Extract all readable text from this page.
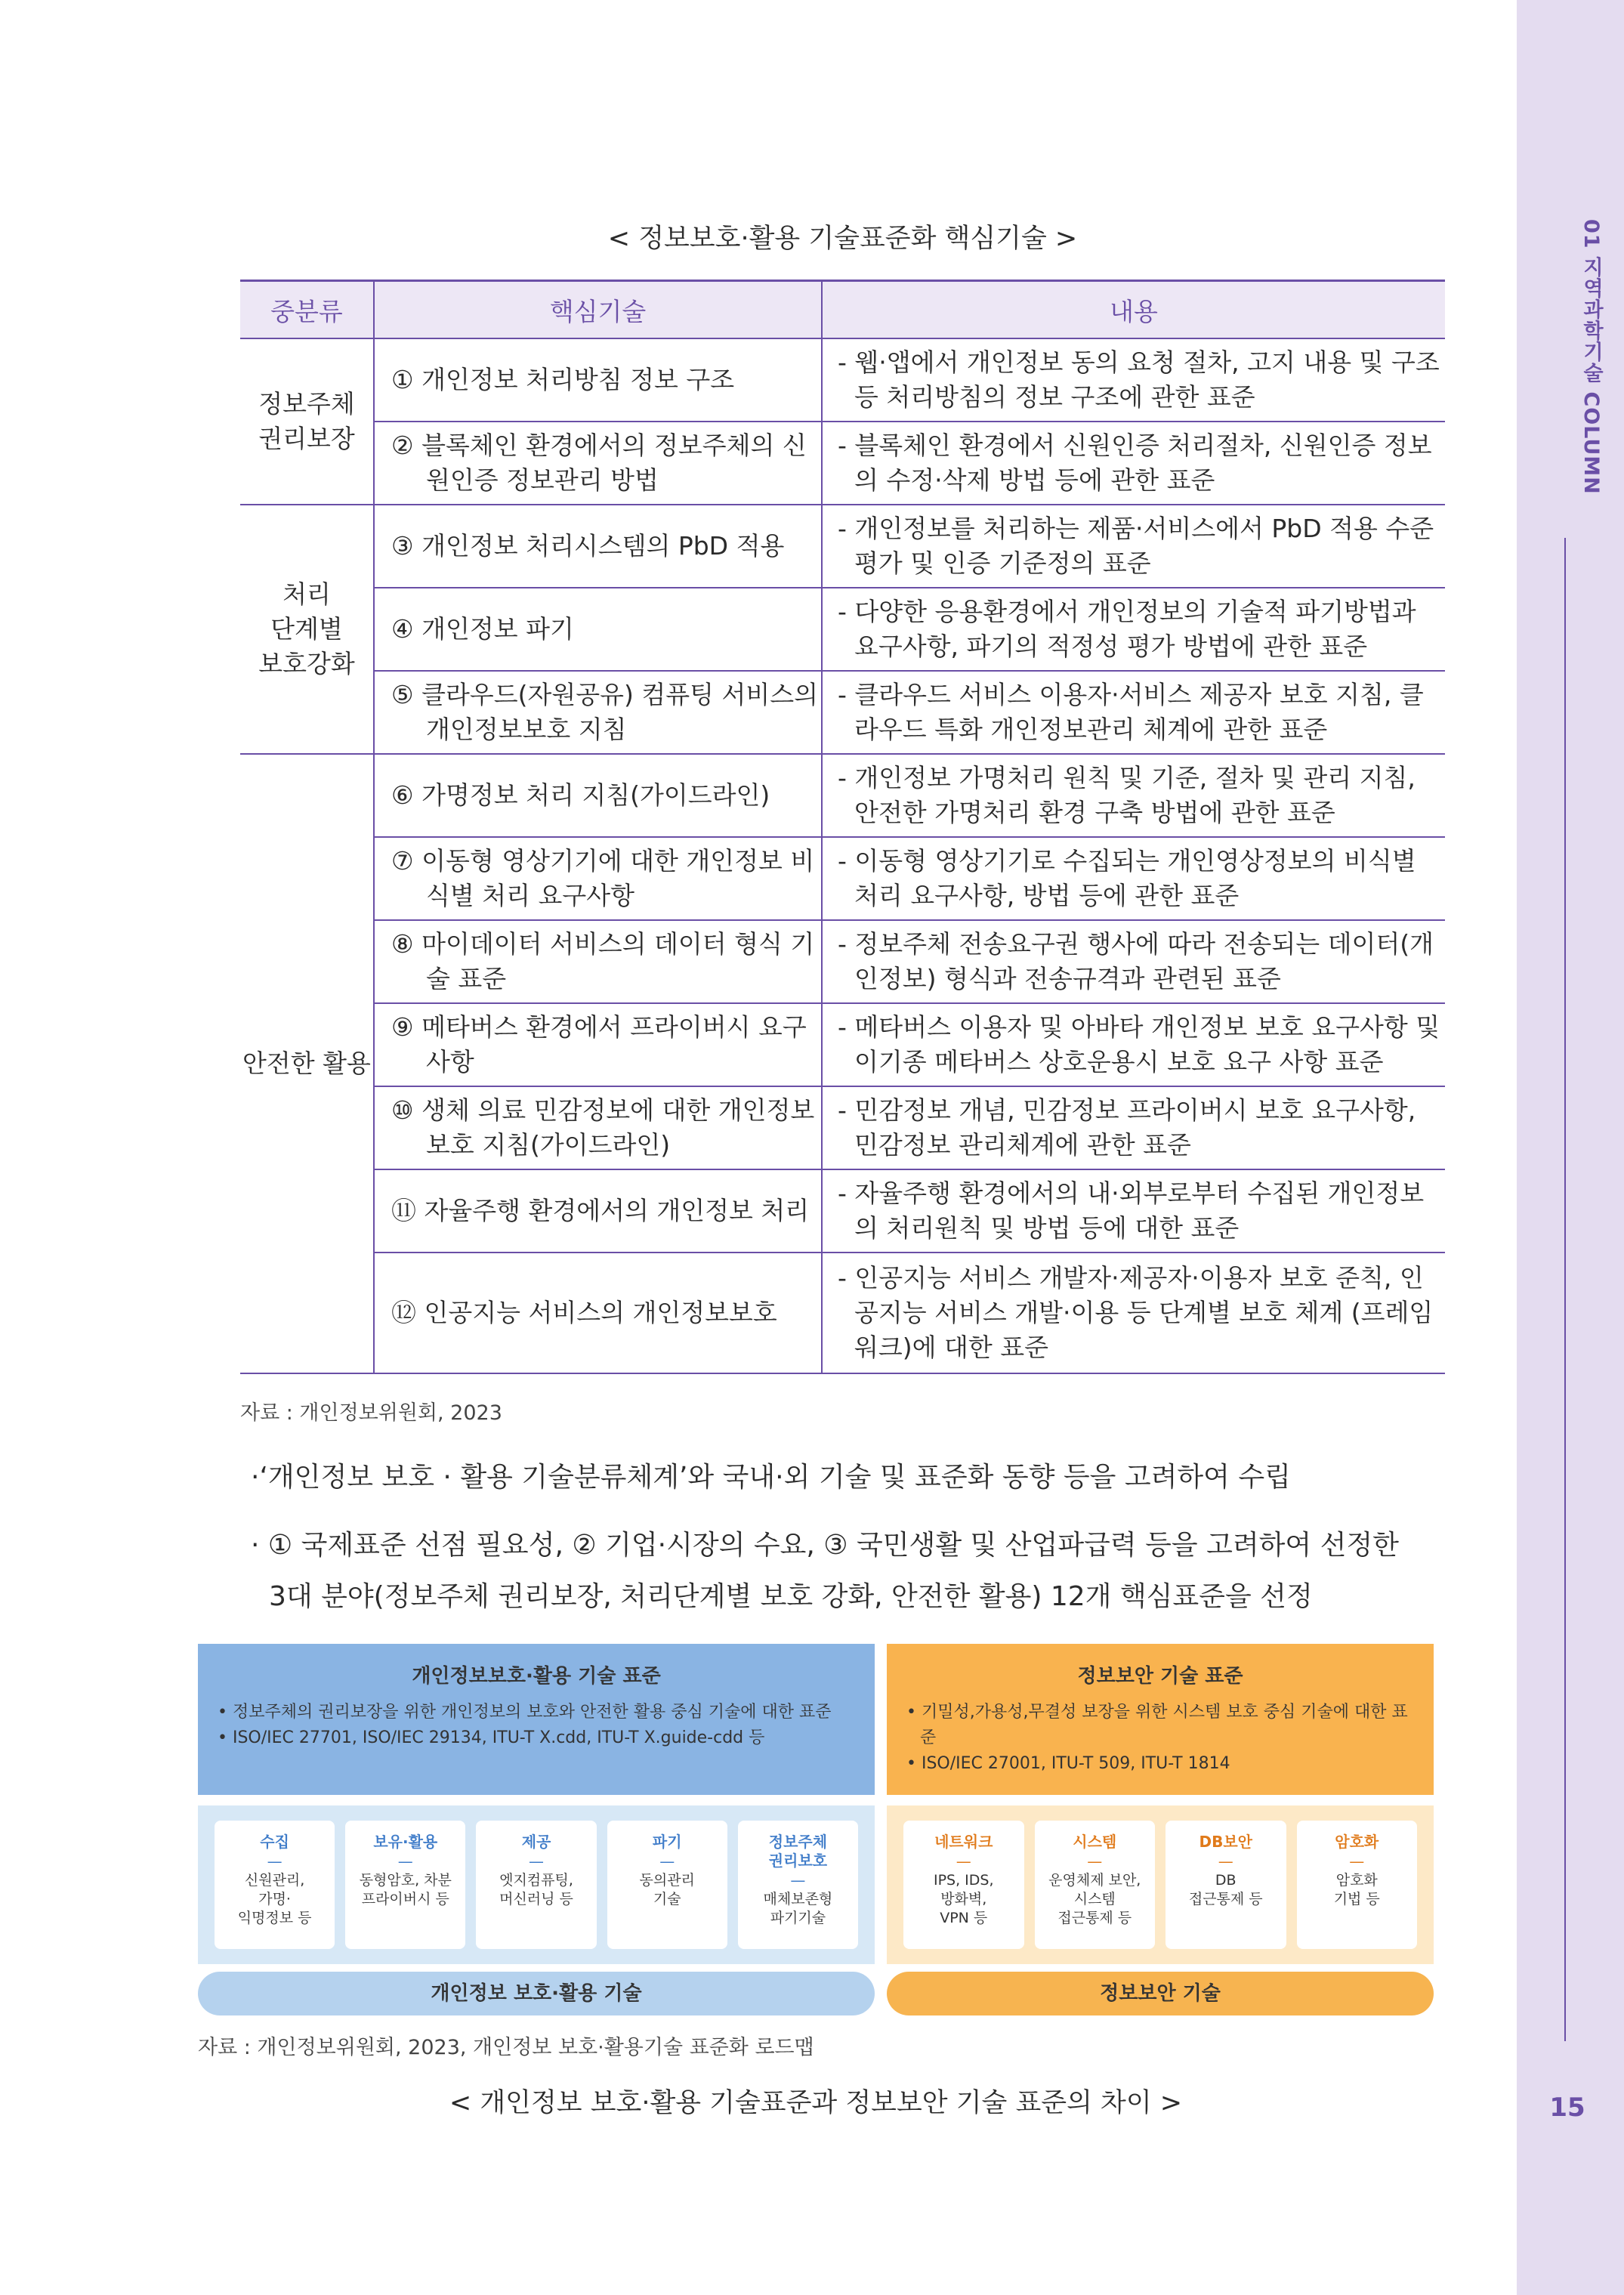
01 지역과학기술 COLUMN
15
< 정보보호·활용 기술표준화 핵심기술 >
중분류	핵심기술	내용
정보주체
권리보장	① 개인정보 처리방침 정보 구조	- 웹·앱에서 개인정보 동의 요청 절차, 고지 내용 및 구조 등 처리방침의 정보 구조에 관한 표준

	② 블록체인 환경에서의 정보주체의 신원인증 정보관리 방법	- 블록체인 환경에서 신원인증 처리절차, 신원인증 정보의 수정·삭제 방법 등에 관한 표준

처리
단계별
보호강화	③ 개인정보 처리시스템의 PbD 적용	- 개인정보를 처리하는 제품·서비스에서 PbD 적용 수준 평가 및 인증 기준정의 표준

	④ 개인정보 파기	- 다양한 응용환경에서 개인정보의 기술적 파기방법과 요구사항, 파기의 적정성 평가 방법에 관한 표준

	⑤ 클라우드(자원공유) 컴퓨팅 서비스의 개인정보보호 지침	- 클라우드 서비스 이용자·서비스 제공자 보호 지침, 클라우드 특화 개인정보관리 체계에 관한 표준

안전한 활용	⑥ 가명정보 처리 지침(가이드라인)	- 개인정보 가명처리 원칙 및 기준, 절차 및 관리 지침, 안전한 가명처리 환경 구축 방법에 관한 표준

	⑦ 이동형 영상기기에 대한 개인정보 비식별 처리 요구사항	- 이동형 영상기기로 수집되는 개인영상정보의 비식별 처리 요구사항, 방법 등에 관한 표준

	⑧ 마이데이터 서비스의 데이터 형식 기술 표준	- 정보주체 전송요구권 행사에 따라 전송되는 데이터(개인정보) 형식과 전송규격과 관련된 표준

	⑨ 메타버스 환경에서 프라이버시 요구사항	- 메타버스 이용자 및 아바타 개인정보 보호 요구사항 및 이기종 메타버스 상호운용시 보호 요구 사항 표준

	⑩ 생체 의료 민감정보에 대한 개인정보 보호 지침(가이드라인)	- 민감정보 개념, 민감정보 프라이버시 보호 요구사항, 민감정보 관리체계에 관한 표준

	⑪ 자율주행 환경에서의 개인정보 처리	- 자율주행 환경에서의 내·외부로부터 수집된 개인정보의 처리원칙 및 방법 등에 대한 표준

	⑫ 인공지능 서비스의 개인정보보호	- 인공지능 서비스 개발자·제공자·이용자 보호 준칙, 인공지능 서비스 개발·이용 등 단계별 보호 체계 (프레임워크)에 대한 표준
자료 : 개인정보위원회, 2023
·‘개인정보 보호 · 활용 기술분류체계’와 국내·외 기술 및 표준화 동향 등을 고려하여 수립
· ① 국제표준 선점 필요성, ② 기업·시장의 수요, ③ 국민생활 및 산업파급력 등을 고려하여 선정한
3대 분야(정보주체 권리보장, 처리단계별 보호 강화, 안전한 활용) 12개 핵심표준을 선정
개인정보보호·활용 기술 표준
• 정보주체의 권리보장을 위한 개인정보의 보호와 안전한 활용 중심 기술에 대한 표준
• ISO/IEC 27701, ISO/IEC 29134, ITU-T X.cdd, ITU-T X.guide-cdd 등
정보보안 기술 표준
• 기밀성,가용성,무결성 보장을 위한 시스템 보호 중심 기술에 대한 표준
• ISO/IEC 27001, ITU-T 509, ITU-T 1814
수집
—
신원관리,
가명·
익명정보 등
보유·활용
—
동형암호, 차분
프라이버시 등
제공
—
엣지컴퓨팅,
머신러닝 등
파기
—
동의관리
기술
정보주체
권리보호
—
매체보존형
파기기술
네트워크
—
IPS, IDS,
방화벽,
VPN 등
시스템
—
운영체제 보안,
시스템
접근통제 등
DB보안
—
DB
접근통제 등
암호화
—
암호화
기법 등
개인정보 보호·활용 기술	정보보안 기술
자료 : 개인정보위원회, 2023, 개인정보 보호·활용기술 표준화 로드맵
< 개인정보 보호·활용 기술표준과 정보보안 기술 표준의 차이 >
